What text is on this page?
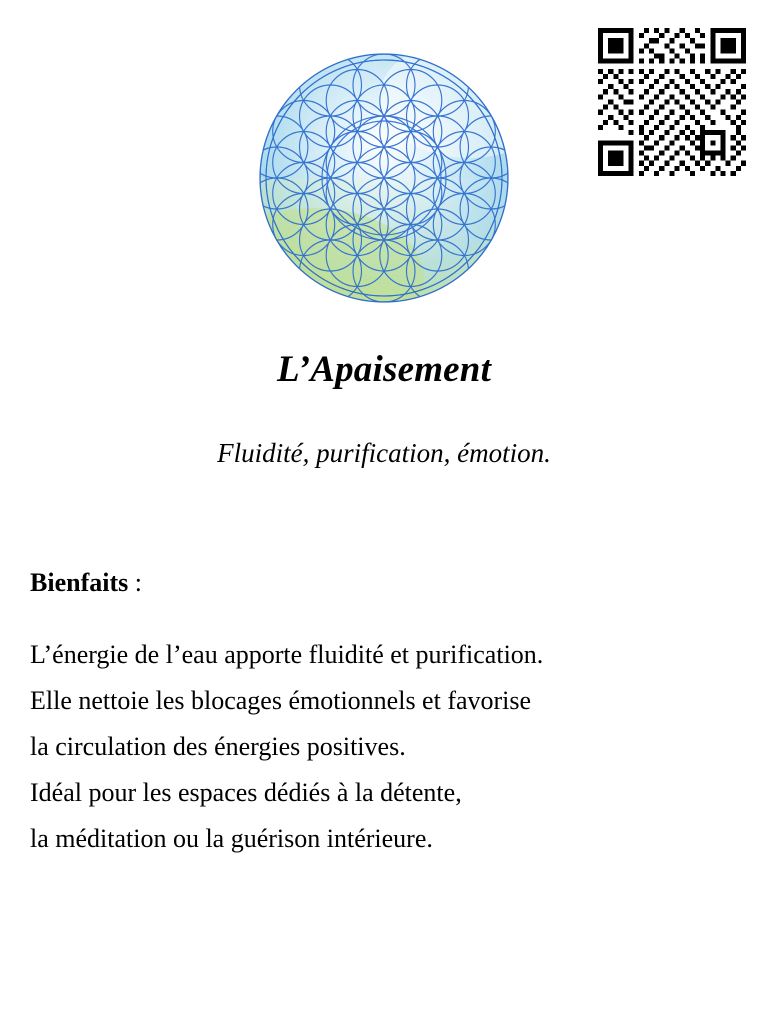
L’Apaisement
Fluidité, purification, émotion.
Bienfaits :

L’énergie de l’eau apporte fluidité et purification.

Elle nettoie les blocages émotionnels et favorise

la circulation des énergies positives.

Idéal pour les espaces dédiés à la détente,

la méditation ou la guérison intérieure.
